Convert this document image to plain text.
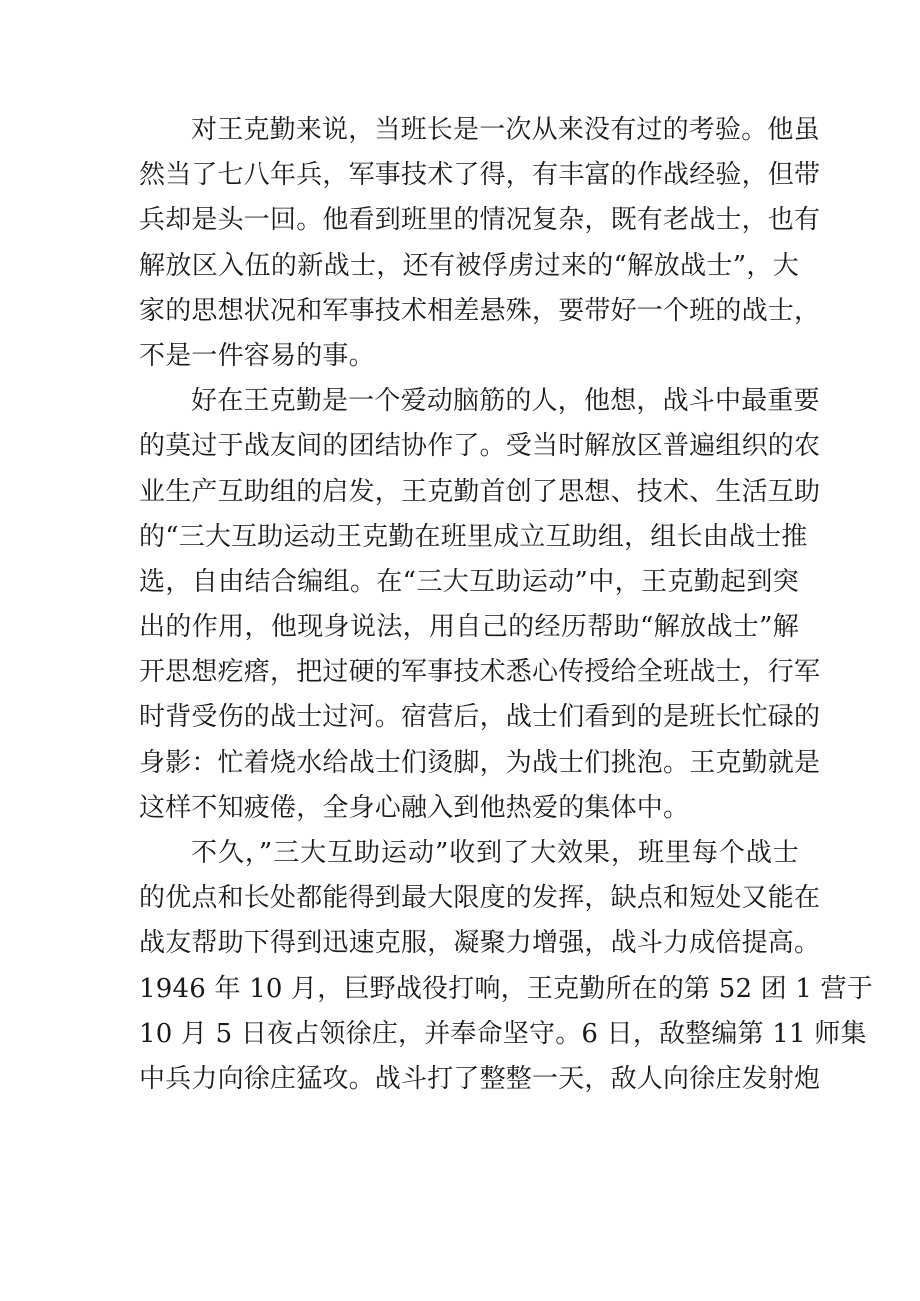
对王克勤来说，当班长是一次从来没有过的考验。他虽
然当了七八年兵，军事技术了得，有丰富的作战经验，但带
兵却是头一回。他看到班里的情况复杂，既有老战士，也有
解放区入伍的新战士，还有被俘虏过来的“解放战士”，大
家的思想状况和军事技术相差悬殊，要带好一个班的战士，
不是一件容易的事。
好在王克勤是一个爱动脑筋的人，他想，战斗中最重要
的莫过于战友间的团结协作了。受当时解放区普遍组织的农
业生产互助组的启发，王克勤首创了思想、技术、生活互助
的“三大互助运动王克勤在班里成立互助组，组长由战士推
选，自由结合编组。在“三大互助运动”中，王克勤起到突
出的作用，他现身说法，用自己的经历帮助“解放战士”解
开思想疙瘩，把过硬的军事技术悉心传授给全班战士，行军
时背受伤的战士过河。宿营后，战士们看到的是班长忙碌的
身影：忙着烧水给战士们烫脚，为战士们挑泡。王克勤就是
这样不知疲倦，全身心融入到他热爱的集体中。
不久，”三大互助运动”收到了大效果，班里每个战士
的优点和长处都能得到最大限度的发挥，缺点和短处又能在
战友帮助下得到迅速克服，凝聚力增强，战斗力成倍提高。
1946 年 10 月，巨野战役打响，王克勤所在的第 52 团 1 营于
10 月 5 日夜占领徐庄，并奉命坚守。6 日，敌整编第 11 师集
中兵力向徐庄猛攻。战斗打了整整一天，敌人向徐庄发射炮
